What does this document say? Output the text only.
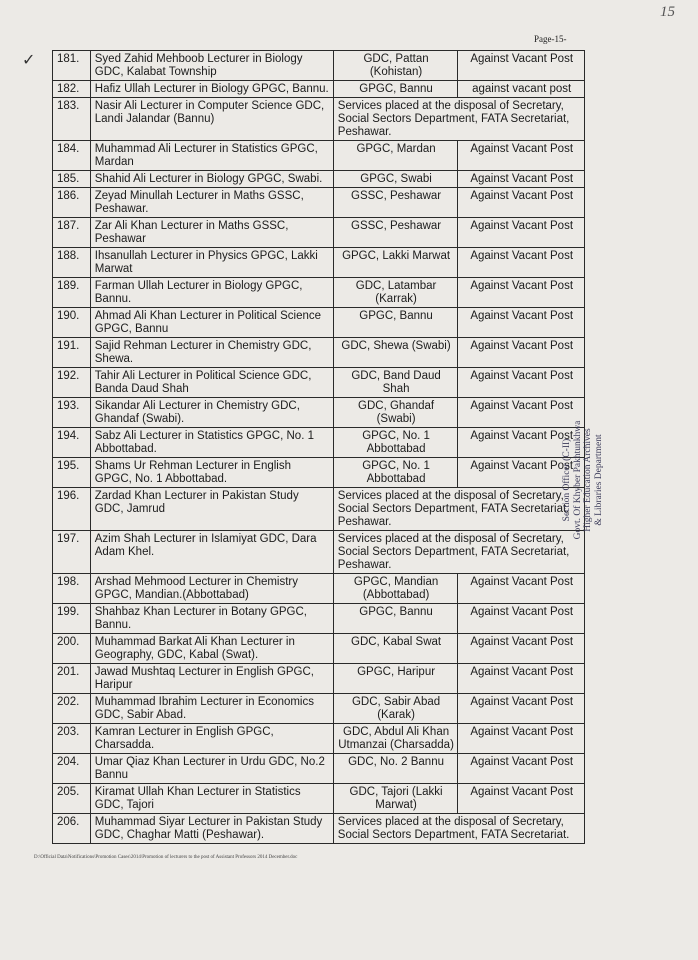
15
Page-15-
✓ 181.	Syed Zahid Mehboob Lecturer in Biology GDC, Kalabat Township	GDC, Pattan (Kohistan)	Against Vacant Post
182.	Hafiz Ullah Lecturer in Biology GPGC, Bannu.	GPGC, Bannu	against vacant post
183.	Nasir Ali Lecturer in Computer Science GDC, Landi Jalandar (Bannu)	Services placed at the disposal of Secretary, Social Sectors Department, FATA Secretariat, Peshawar.	
184.	Muhammad Ali Lecturer in Statistics GPGC, Mardan	GPGC, Mardan	Against Vacant Post
185.	Shahid Ali Lecturer in Biology GPGC, Swabi.	GPGC, Swabi	Against Vacant Post
186.	Zeyad Minullah Lecturer in Maths GSSC, Peshawar.	GSSC, Peshawar	Against Vacant Post
187.	Zar Ali Khan Lecturer in Maths GSSC, Peshawar	GSSC, Peshawar	Against Vacant Post
188.	Ihsanullah Lecturer in Physics GPGC, Lakki Marwat	GPGC, Lakki Marwat	Against Vacant Post
189.	Farman Ullah Lecturer in Biology GPGC, Bannu.	GDC, Latambar (Karrak)	Against Vacant Post
190.	Ahmad Ali Khan Lecturer in Political Science GPGC, Bannu	GPGC, Bannu	Against Vacant Post
191.	Sajid Rehman Lecturer in Chemistry GDC, Shewa.	GDC, Shewa (Swabi)	Against Vacant Post
192.	Tahir Ali Lecturer in Political Science GDC, Banda Daud Shah	GDC, Band Daud Shah	Against Vacant Post
193.	Sikandar Ali Lecturer in Chemistry GDC, Ghandaf (Swabi).	GDC, Ghandaf (Swabi)	Against Vacant Post
194.	Sabz Ali Lecturer in Statistics GPGC, No. 1 Abbottabad.	GPGC, No. 1 Abbottabad	Against Vacant Post
195.	Shams Ur Rehman Lecturer in English GPGC, No. 1 Abbottabad.	GPGC, No. 1 Abbottabad	Against Vacant Post
196.	Zardad Khan Lecturer in Pakistan Study GDC, Jamrud	Services placed at the disposal of Secretary, Social Sectors Department, FATA Secretariat, Peshawar.	
197.	Azim Shah Lecturer in Islamiyat GDC, Dara Adam Khel.	Services placed at the disposal of Secretary, Social Sectors Department, FATA Secretariat, Peshawar.	
198.	Arshad Mehmood Lecturer in Chemistry GPGC, Mandian.(Abbottabad)	GPGC, Mandian (Abbottabad)	Against Vacant Post
199.	Shahbaz Khan Lecturer in Botany GPGC, Bannu.	GPGC, Bannu	Against Vacant Post
200.	Muhammad Barkat Ali Khan Lecturer in Geography, GDC, Kabal (Swat).	GDC, Kabal Swat	Against Vacant Post
201.	Jawad Mushtaq Lecturer in English GPGC, Haripur	GPGC, Haripur	Against Vacant Post
202.	Muhammad Ibrahim Lecturer in Economics GDC, Sabir Abad.	GDC, Sabir Abad (Karak)	Against Vacant Post
203.	Kamran Lecturer in English GPGC, Charsadda.	GDC, Abdul Ali Khan Utmanzai (Charsadda)	Against Vacant Post
204.	Umar Qiaz Khan Lecturer in Urdu GDC, No.2 Bannu	GDC, No. 2 Bannu	Against Vacant Post
205.	Kiramat Ullah Khan Lecturer in Statistics GDC, Tajori	GDC, Tajori (Lakki Marwat)	Against Vacant Post
206.	Muhammad Siyar Lecturer in Pakistan Study GDC, Chaghar Matti (Peshawar).	Services placed at the disposal of Secretary, Social Sectors Department, FATA Secretariat.	
Section Officer (C-II) Govt. Of Khyber Pakhtunkhwa Higher Education Archives & Libraries Department
D:\Official Data\Notifications\Promotion Cases\2014\Promotion of lecturers to the post of Assistant Professors 2014 December.doc
